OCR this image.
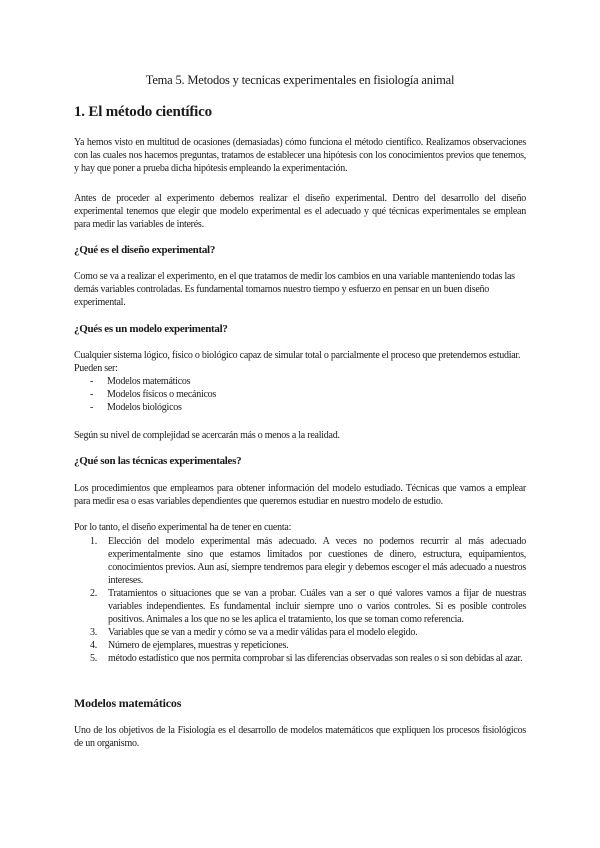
Tema 5. Metodos y tecnicas experimentales en fisiología animal
1. El método científico
Ya hemos visto en multitud de ocasiones (demasiadas) cómo funciona el método científico. Realizamos observaciones con las cuales nos hacemos preguntas, tratamos de establecer una hipótesis con los conocimientos previos que tenemos, y hay que poner a prueba dicha hipótesis empleando la experimentación.
Antes de proceder al experimento debemos realizar el diseño experimental. Dentro del desarrollo del diseño experimental tenemos que elegir que modelo experimental es el adecuado y qué técnicas experimentales se emplean para medir las variables de interés.
¿Qué es el diseño experimental?
Como se va a realizar el experimento, en el que tratamos de medir los cambios en una variable manteniendo todas las demás variables controladas. Es fundamental tomarnos nuestro tiempo y esfuerzo en pensar en un buen diseño experimental.
¿Qués es un modelo experimental?
Cualquier sistema lógico, físico o biológico capaz de simular total o parcialmente el proceso que pretendemos estudiar. Pueden ser:
- Modelos matemáticos
- Modelos físicos o mecánicos
- Modelos biológicos
Según su nivel de complejidad se acercarán más o menos a la realidad.
¿Qué son las técnicas experimentales?
Los procedimientos que empleamos para obtener información del modelo estudiado. Técnicas que vamos a emplear para medir esa o esas variables dependientes que queremos estudiar en nuestro modelo de estudio.
Por lo tanto, el diseño experimental ha de tener en cuenta:
1. Elección del modelo experimental más adecuado. A veces no podemos recurrir al más adecuado experimentalmente sino que estamos limitados por cuestiones de dinero, estructura, equipamientos, conocimientos previos. Aun así, siempre tendremos para elegir y debemos escoger el más adecuado a nuestros intereses.
2. Tratamientos o situaciones que se van a probar. Cuáles van a ser o qué valores vamos a fijar de nuestras variables independientes. Es fundamental incluir siempre uno o varios controles. Si es posible controles positivos. Animales a los que no se les aplica el tratamiento, los que se toman como referencia.
3. Variables que se van a medir y cómo se va a medir válidas para el modelo elegido.
4. Número de ejemplares, muestras y repeticiones.
5. método estadístico que nos permita comprobar si las diferencias observadas son reales o si son debidas al azar.
Modelos matemáticos
Uno de los objetivos de la Fisiología es el desarrollo de modelos matemáticos que expliquen los procesos fisiológicos de un organismo.
